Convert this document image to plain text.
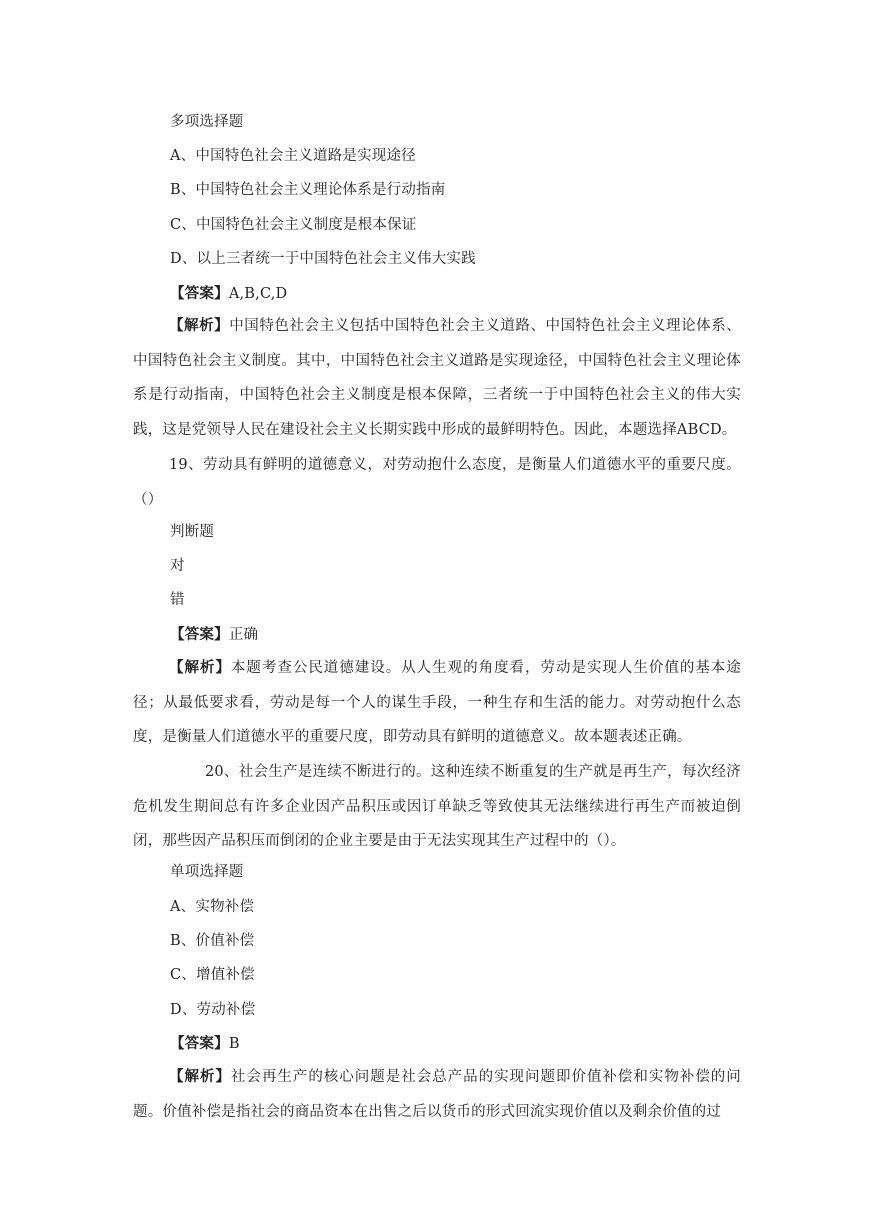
多项选择题
A、中国特色社会主义道路是实现途径
B、中国特色社会主义理论体系是行动指南
C、中国特色社会主义制度是根本保证
D、以上三者统一于中国特色社会主义伟大实践
【答案】A,B,C,D
【解析】中国特色社会主义包括中国特色社会主义道路、中国特色社会主义理论体系、中国特色社会主义制度。其中，中国特色社会主义道路是实现途径，中国特色社会主义理论体系是行动指南，中国特色社会主义制度是根本保障，三者统一于中国特色社会主义的伟大实践，这是党领导人民在建设社会主义长期实践中形成的最鲜明特色。因此，本题选择ABCD。
19、劳动具有鲜明的道德意义，对劳动抱什么态度，是衡量人们道德水平的重要尺度。（）
判断题
对
错
【答案】正确
【解析】本题考查公民道德建设。从人生观的角度看，劳动是实现人生价值的基本途径；从最低要求看，劳动是每一个人的谋生手段，一种生存和生活的能力。对劳动抱什么态度，是衡量人们道德水平的重要尺度，即劳动具有鲜明的道德意义。故本题表述正确。
20、社会生产是连续不断进行的。这种连续不断重复的生产就是再生产，每次经济危机发生期间总有许多企业因产品积压或因订单缺乏等致使其无法继续进行再生产而被迫倒闭，那些因产品积压而倒闭的企业主要是由于无法实现其生产过程中的（）。
单项选择题
A、实物补偿
B、价值补偿
C、增值补偿
D、劳动补偿
【答案】B
【解析】社会再生产的核心问题是社会总产品的实现问题即价值补偿和实物补偿的问题。价值补偿是指社会的商品资本在出售之后以货币的形式回流实现价值以及剩余价值的过
